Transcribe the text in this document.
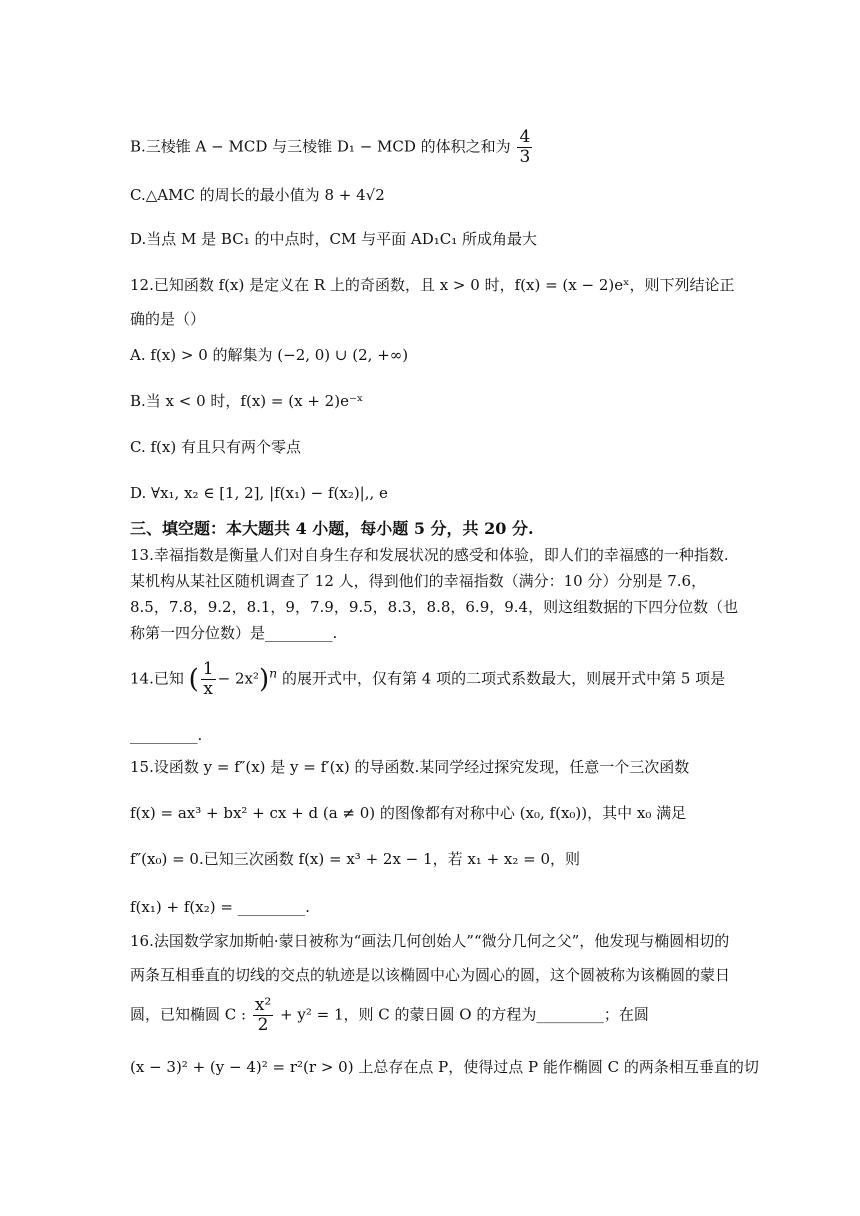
B.三棱锥 A − MCD 与三棱锥 D₁ − MCD 的体积之和为 $\frac{4}{3}$
C.△AMC 的周长的最小值为 8 + 4√2
D.当点 M 是 BC₁ 的中点时，CM 与平面 AD₁C₁ 所成角最大
12.已知函数 f(x) 是定义在 R 上的奇函数，且 x > 0 时，f(x) = (x − 2)eˣ，则下列结论正
确的是（）
A. f(x) > 0 的解集为 (−2, 0) ∪ (2, +∞)
B.当 x < 0 时，f(x) = (x + 2)e⁻ˣ
C. f(x) 有且只有两个零点
D. ∀x₁, x₂ ∈ [1, 2], |f(x₁) − f(x₂)|,, e
三、填空题：本大题共 4 小题，每小题 5 分，共 20 分.
13.幸福指数是衡量人们对自身生存和发展状况的感受和体验，即人们的幸福感的一种指数.某机构从某社区随机调查了 12 人，得到他们的幸福指数（满分：10 分）分别是 7.6，8.5，7.8，9.2，8.1，9，7.9，9.5，8.3，8.8，6.9，9.4，则这组数据的下四分位数（也称第一四分位数）是_________.
14.已知 ( $\frac{1}{x} - 2x^2)^n$ 的展开式中，仅有第 4 项的二项式系数最大，则展开式中第 5 项是
_________.
15.设函数 y = f″(x) 是 y = f′(x) 的导函数.某同学经过探究发现，任意一个三次函数
f(x) = ax³ + bx² + cx + d (a ≠ 0) 的图像都有对称中心 (x₀, f(x₀))，其中 x₀ 满足
f″(x₀) = 0.已知三次函数 f(x) = x³ + 2x − 1，若 x₁ + x₂ = 0，则
f(x₁) + f(x₂) = _________.
16.法国数学家加斯帕·蒙日被称为“画法几何创始人”“微分几何之父”，他发现与椭圆相切的
两条互相垂直的切线的交点的轨迹是以该椭圆中心为圆心的圆，这个圆被称为该椭圆的蒙日
圆，已知椭圆 C : $\frac{\text{x²}}{2} + y^2 = 1$，则 C 的蒙日圆 O 的方程为_________；在圆
(x − 3)² + (y − 4)² = r²(r > 0) 上总存在点 P，使得过点 P 能作椭圆 C 的两条相互垂直的切
